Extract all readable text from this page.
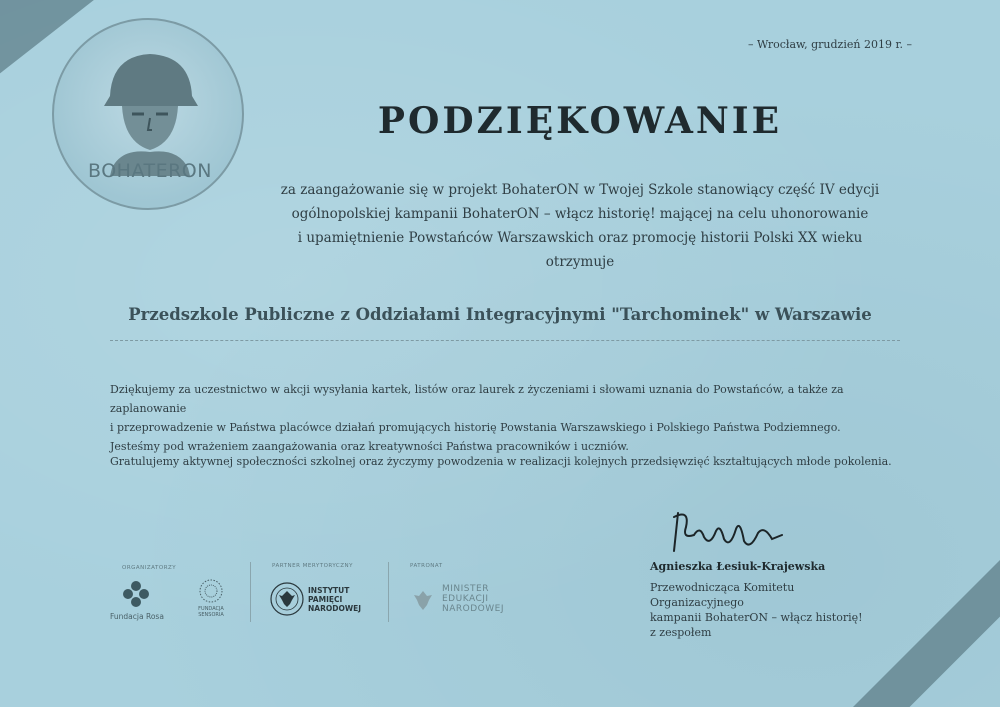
BOHATERON
– Wrocław, grudzień 2019 r. –
PODZIĘKOWANIE
za zaangażowanie się w projekt BohaterON w Twojej Szkole stanowiący część IV edycji
ogólnopolskiej kampanii BohaterON – włącz historię! mającej na celu uhonorowanie
i upamiętnienie Powstańców Warszawskich oraz promocję historii Polski XX wieku
otrzymuje
Przedszkole Publiczne z Oddziałami Integracyjnymi "Tarchominek" w Warszawie
Dziękujemy za uczestnictwo w akcji wysyłania kartek, listów oraz laurek z życzeniami i słowami uznania do Powstańców, a także za zaplanowanie
i przeprowadzenie w Państwa placówce działań promujących historię Powstania Warszawskiego i Polskiego Państwa Podziemnego.
Jesteśmy pod wrażeniem zaangażowania oraz kreatywności Państwa pracowników i uczniów.
Gratulujemy aktywnej społeczności szkolnej oraz życzymy powodzenia w realizacji kolejnych przedsięwzięć kształtujących młode pokolenia.
Agnieszka Łesiuk-Krajewska
Przewodnicząca Komitetu Organizacyjnego
kampanii BohaterON – włącz historię!
z zespołem
ORGANIZATORZY	PARTNER MERYTORYCZNY	PATRONAT
Fundacja Rosa
FUNDACJA
SENSORIA
INSTYTUT
PAMIĘCI
NARODOWEJ
MINISTER
EDUKACJI
NARODOWEJ
